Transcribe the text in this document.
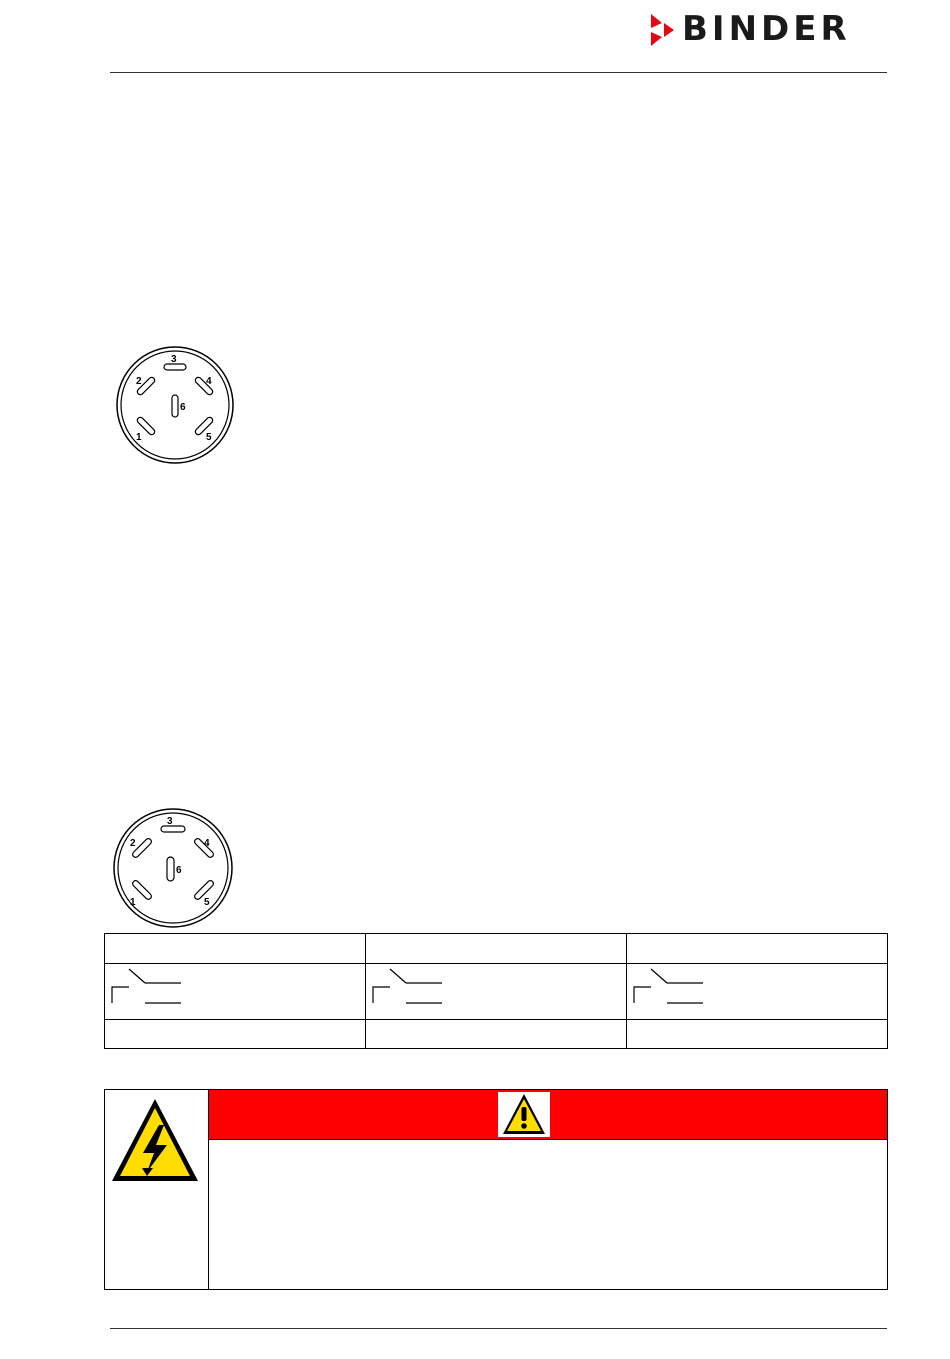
BINDER
1
2
3
4
5
6
1
2
3
4
5
6
